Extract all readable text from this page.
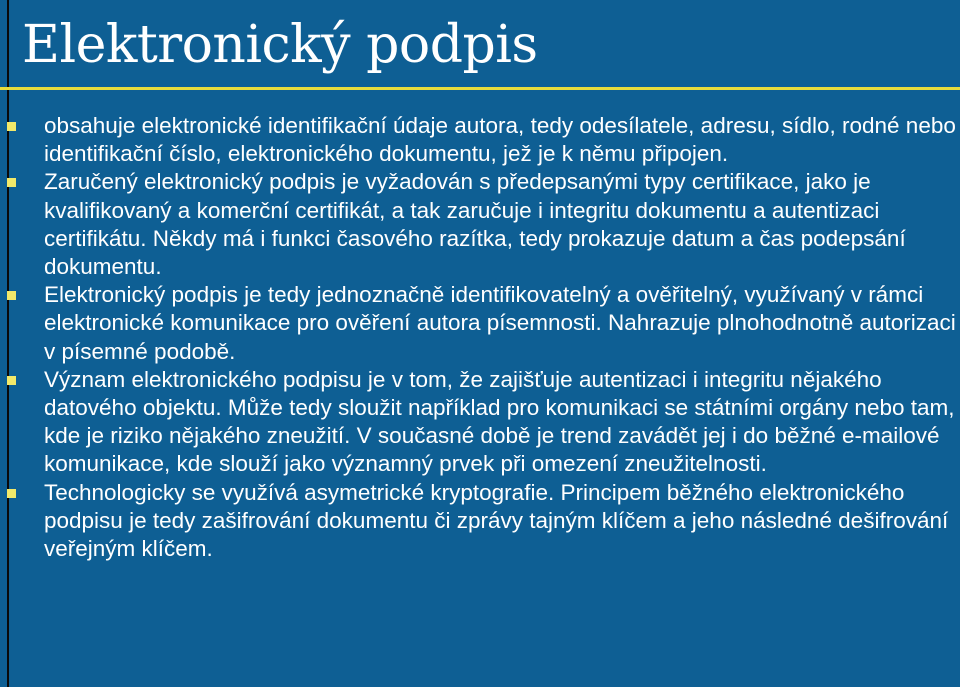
Elektronický podpis
obsahuje elektronické identifikační údaje autora, tedy odesílatele, adresu, sídlo, rodné nebo identifikační číslo, elektronického dokumentu, jež je k němu připojen.
Zaručený elektronický podpis je vyžadován s předepsanými typy certifikace, jako je kvalifikovaný a komerční certifikát, a tak zaručuje i integritu dokumentu a autentizaci certifikátu. Někdy má i funkci časového razítka, tedy prokazuje datum a čas podepsání dokumentu.
Elektronický podpis je tedy jednoznačně identifikovatelný a ověřitelný, využívaný v rámci elektronické komunikace pro ověření autora písemnosti. Nahrazuje plnohodnotně autorizaci v písemné podobě.
Význam elektronického podpisu je v tom, že zajišťuje autentizaci i integritu nějakého datového objektu. Může tedy sloužit například pro komunikaci se státními orgány nebo tam, kde je riziko nějakého zneužití. V současné době je trend zavádět jej i do běžné e-mailové komunikace, kde slouží jako významný prvek při omezení zneužitelnosti.
Technologicky se využívá asymetrické kryptografie. Principem běžného elektronického podpisu je tedy zašifrování dokumentu či zprávy tajným klíčem a jeho následné dešifrování veřejným klíčem.
